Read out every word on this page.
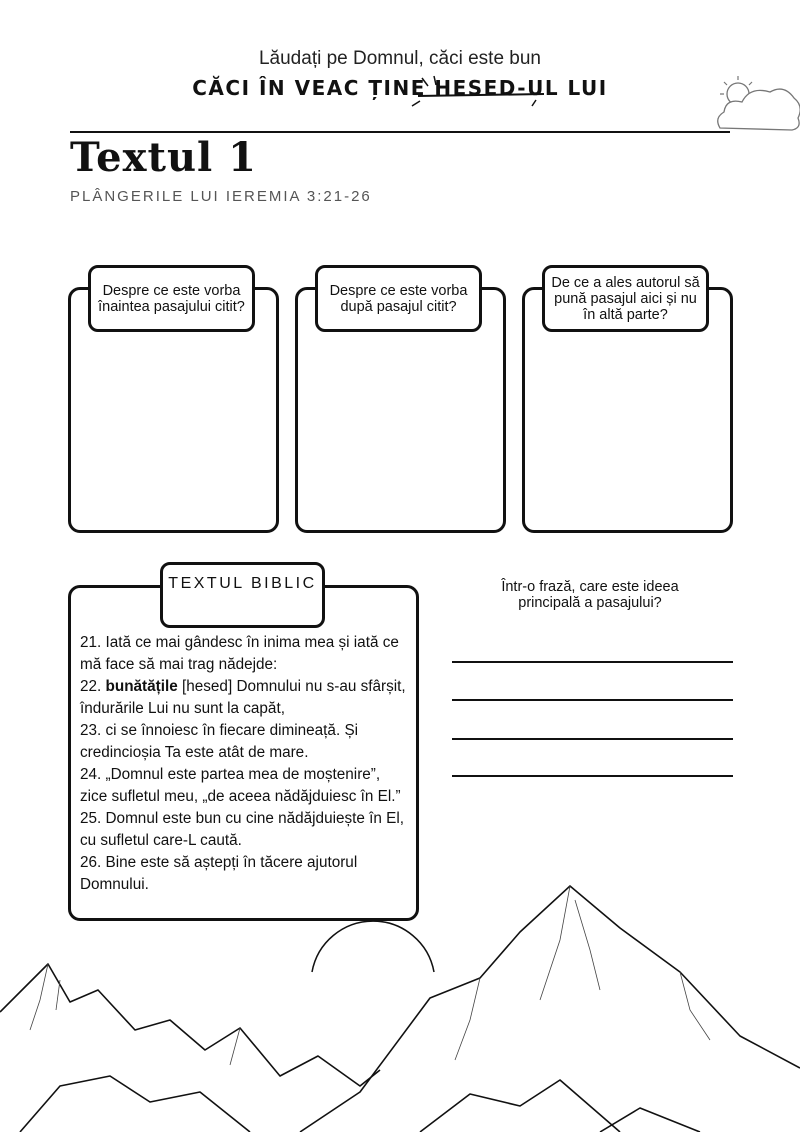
Lăudați pe Domnul, căci este bun
CĂCI ÎN VEAC ȚINE HESED-UL LUI
Textul 1
PLÂNGERILE LUI IEREMIA 3:21-26
Despre ce este vorba înaintea pasajului citit?
Despre ce este vorba după pasajul citit?
De ce a ales autorul să pună pasajul aici și nu în altă parte?
TEXTUL BIBLIC

21. Iată ce mai gândesc în inima mea și iată ce mă face să mai trag nădejde:

22. bunătățile [hesed] Domnului nu s-au sfârșit, îndurările Lui nu sunt la capăt,

23. ci se înnoiesc în fiecare dimineață. Și credincioșia Ta este atât de mare.

24. „Domnul este partea mea de moștenire”, zice sufletul meu, „de aceea nădăjduiesc în El.”

25. Domnul este bun cu cine nădăjduiește în El, cu sufletul care-L caută.

26. Bine este să aștepți în tăcere ajutorul Domnului.

Într-o frază, care este ideea principală a pasajului?
